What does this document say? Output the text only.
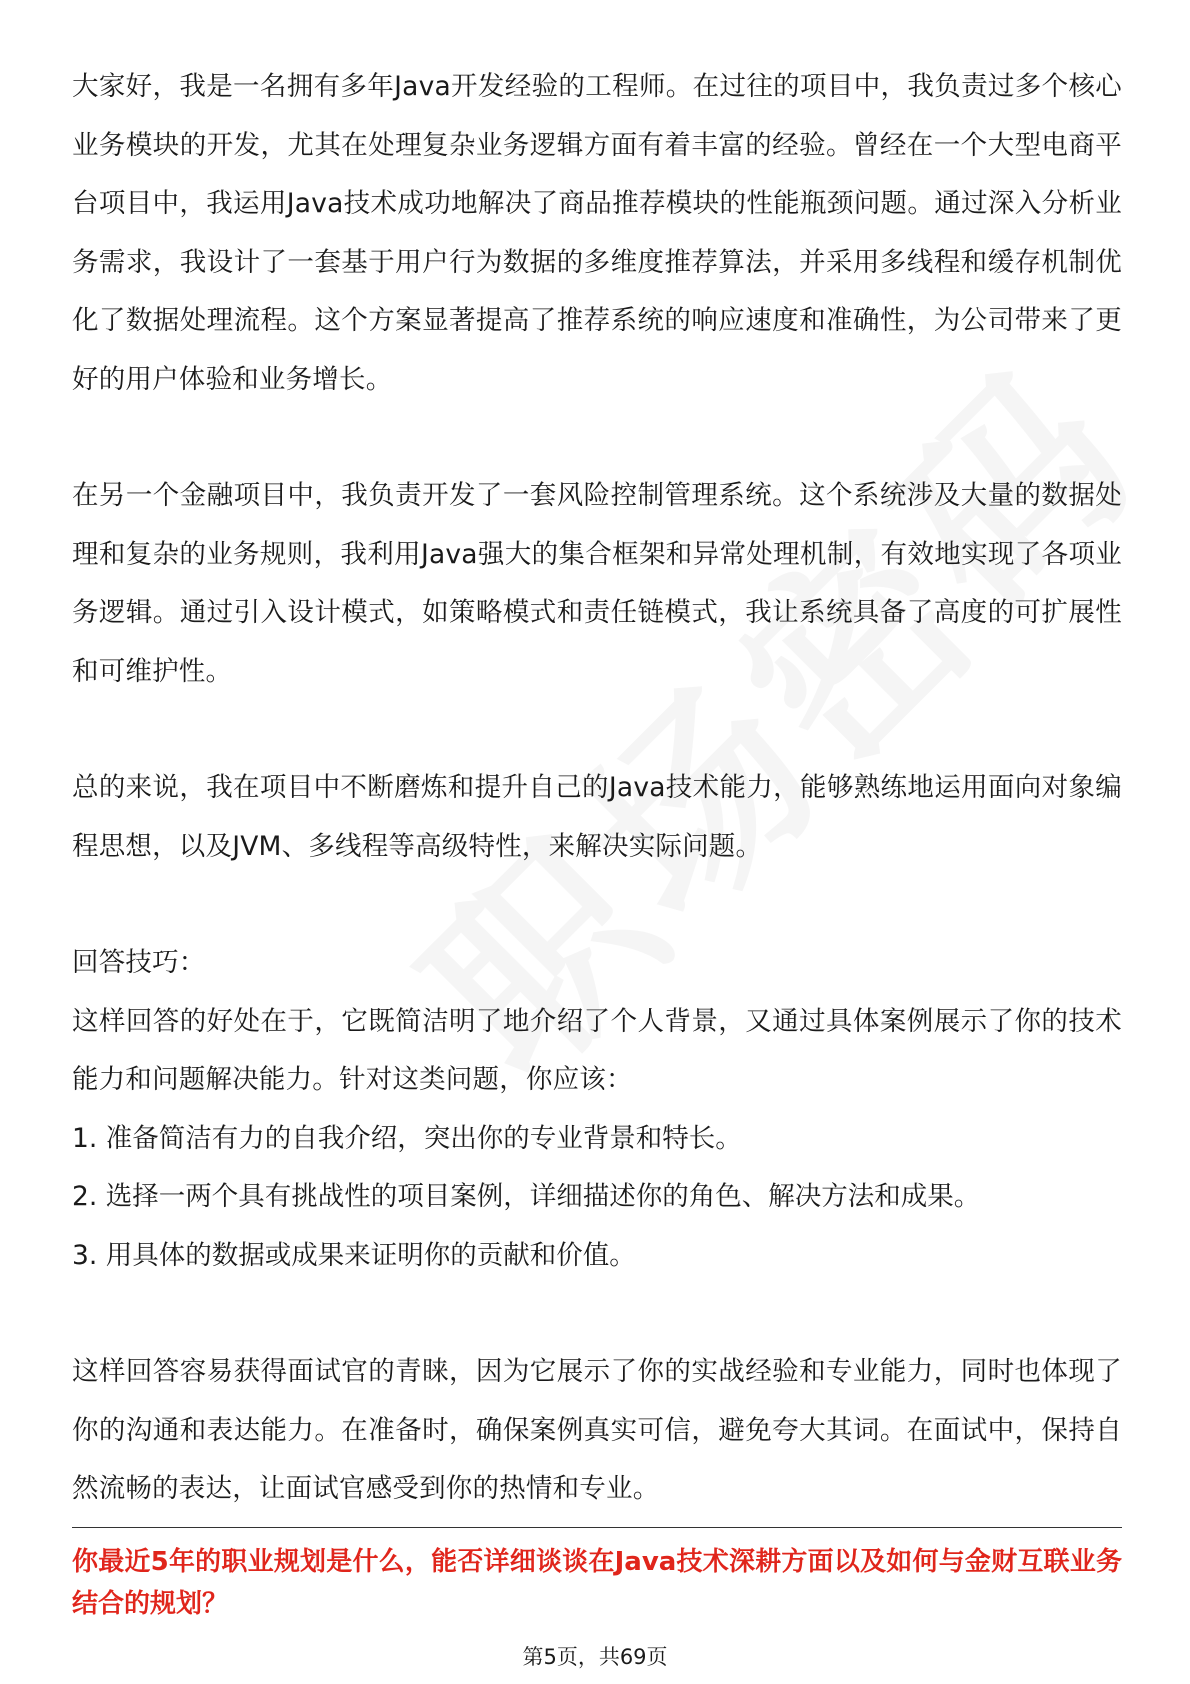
大家好，我是一名拥有多年Java开发经验的工程师。在过往的项目中，我负责过多个核心业务模块的开发，尤其在处理复杂业务逻辑方面有着丰富的经验。曾经在一个大型电商平台项目中，我运用Java技术成功地解决了商品推荐模块的性能瓶颈问题。通过深入分析业务需求，我设计了一套基于用户行为数据的多维度推荐算法，并采用多线程和缓存机制优化了数据处理流程。这个方案显著提高了推荐系统的响应速度和准确性，为公司带来了更好的用户体验和业务增长。

在另一个金融项目中，我负责开发了一套风险控制管理系统。这个系统涉及大量的数据处理和复杂的业务规则，我利用Java强大的集合框架和异常处理机制，有效地实现了各项业务逻辑。通过引入设计模式，如策略模式和责任链模式，我让系统具备了高度的可扩展性和可维护性。

总的来说，我在项目中不断磨炼和提升自己的Java技术能力，能够熟练地运用面向对象编程思想，以及JVM、多线程等高级特性，来解决实际问题。

回答技巧：

这样回答的好处在于，它既简洁明了地介绍了个人背景，又通过具体案例展示了你的技术能力和问题解决能力。针对这类问题，你应该：

1. 准备简洁有力的自我介绍，突出你的专业背景和特长。

2. 选择一两个具有挑战性的项目案例，详细描述你的角色、解决方法和成果。

3. 用具体的数据或成果来证明你的贡献和价值。

这样回答容易获得面试官的青睐，因为它展示了你的实战经验和专业能力，同时也体现了你的沟通和表达能力。在准备时，确保案例真实可信，避免夸大其词。在面试中，保持自然流畅的表达，让面试官感受到你的热情和专业。

你最近5年的职业规划是什么，能否详细谈谈在Java技术深耕方面以及如何与金财互联业务结合的规划？

第5页，共69页
